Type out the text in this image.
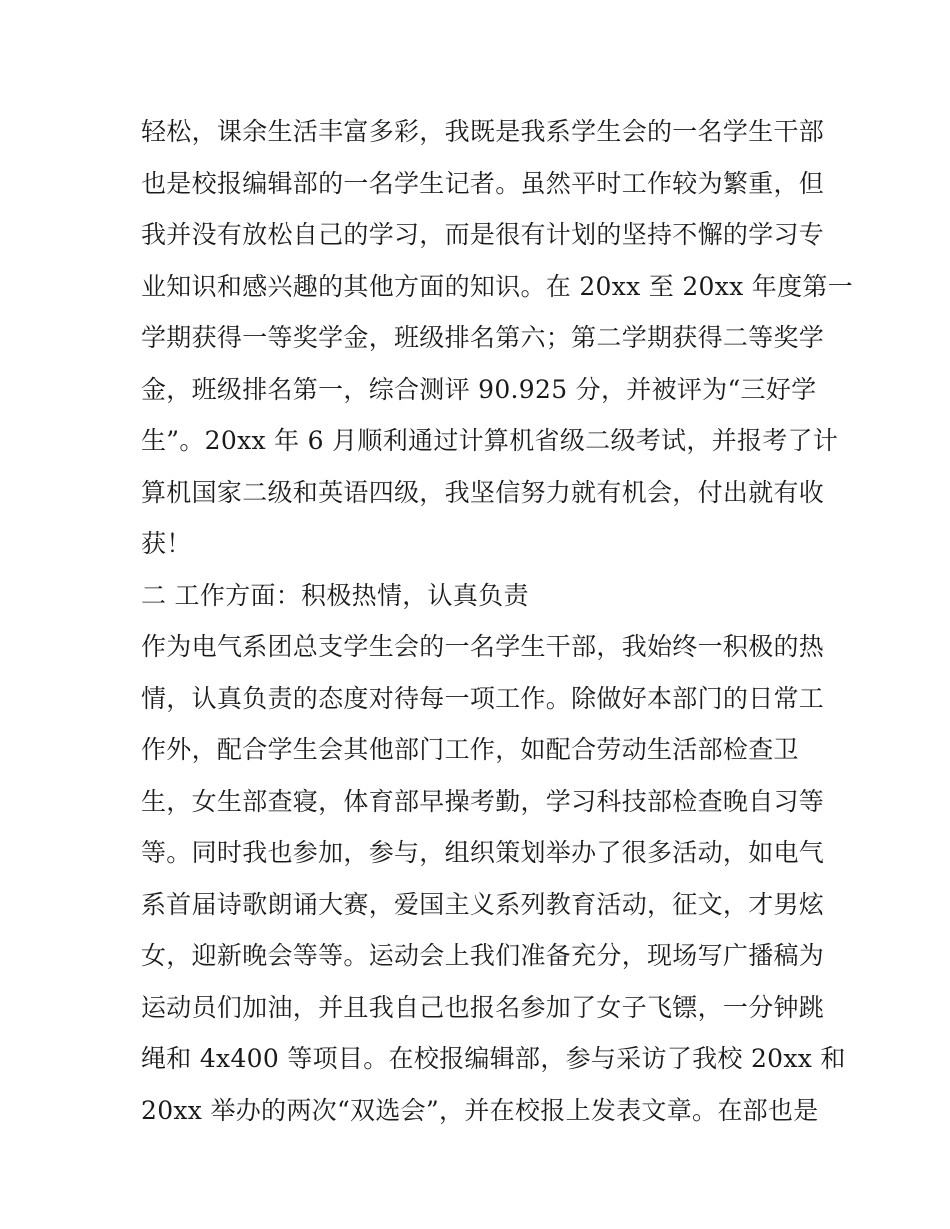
轻松，课余生活丰富多彩，我既是我系学生会的一名学生干部
也是校报编辑部的一名学生记者。虽然平时工作较为繁重，但
我并没有放松自己的学习，而是很有计划的坚持不懈的学习专
业知识和感兴趣的其他方面的知识。在 20xx 至 20xx 年度第一
学期获得一等奖学金，班级排名第六；第二学期获得二等奖学
金，班级排名第一，综合测评 90.925 分，并被评为“三好学
生”。20xx 年 6 月顺利通过计算机省级二级考试，并报考了计
算机国家二级和英语四级，我坚信努力就有机会，付出就有收
获！
二 工作方面：积极热情，认真负责
作为电气系团总支学生会的一名学生干部，我始终一积极的热
情，认真负责的态度对待每一项工作。除做好本部门的日常工
作外，配合学生会其他部门工作，如配合劳动生活部检查卫
生，女生部查寝，体育部早操考勤，学习科技部检查晚自习等
等。同时我也参加，参与，组织策划举办了很多活动，如电气
系首届诗歌朗诵大赛，爱国主义系列教育活动，征文，才男炫
女，迎新晚会等等。运动会上我们准备充分，现场写广播稿为
运动员们加油，并且我自己也报名参加了女子飞镖，一分钟跳
绳和 4x400 等项目。在校报编辑部，参与采访了我校 20xx 和
20xx 举办的两次“双选会”，并在校报上发表文章。在部也是
